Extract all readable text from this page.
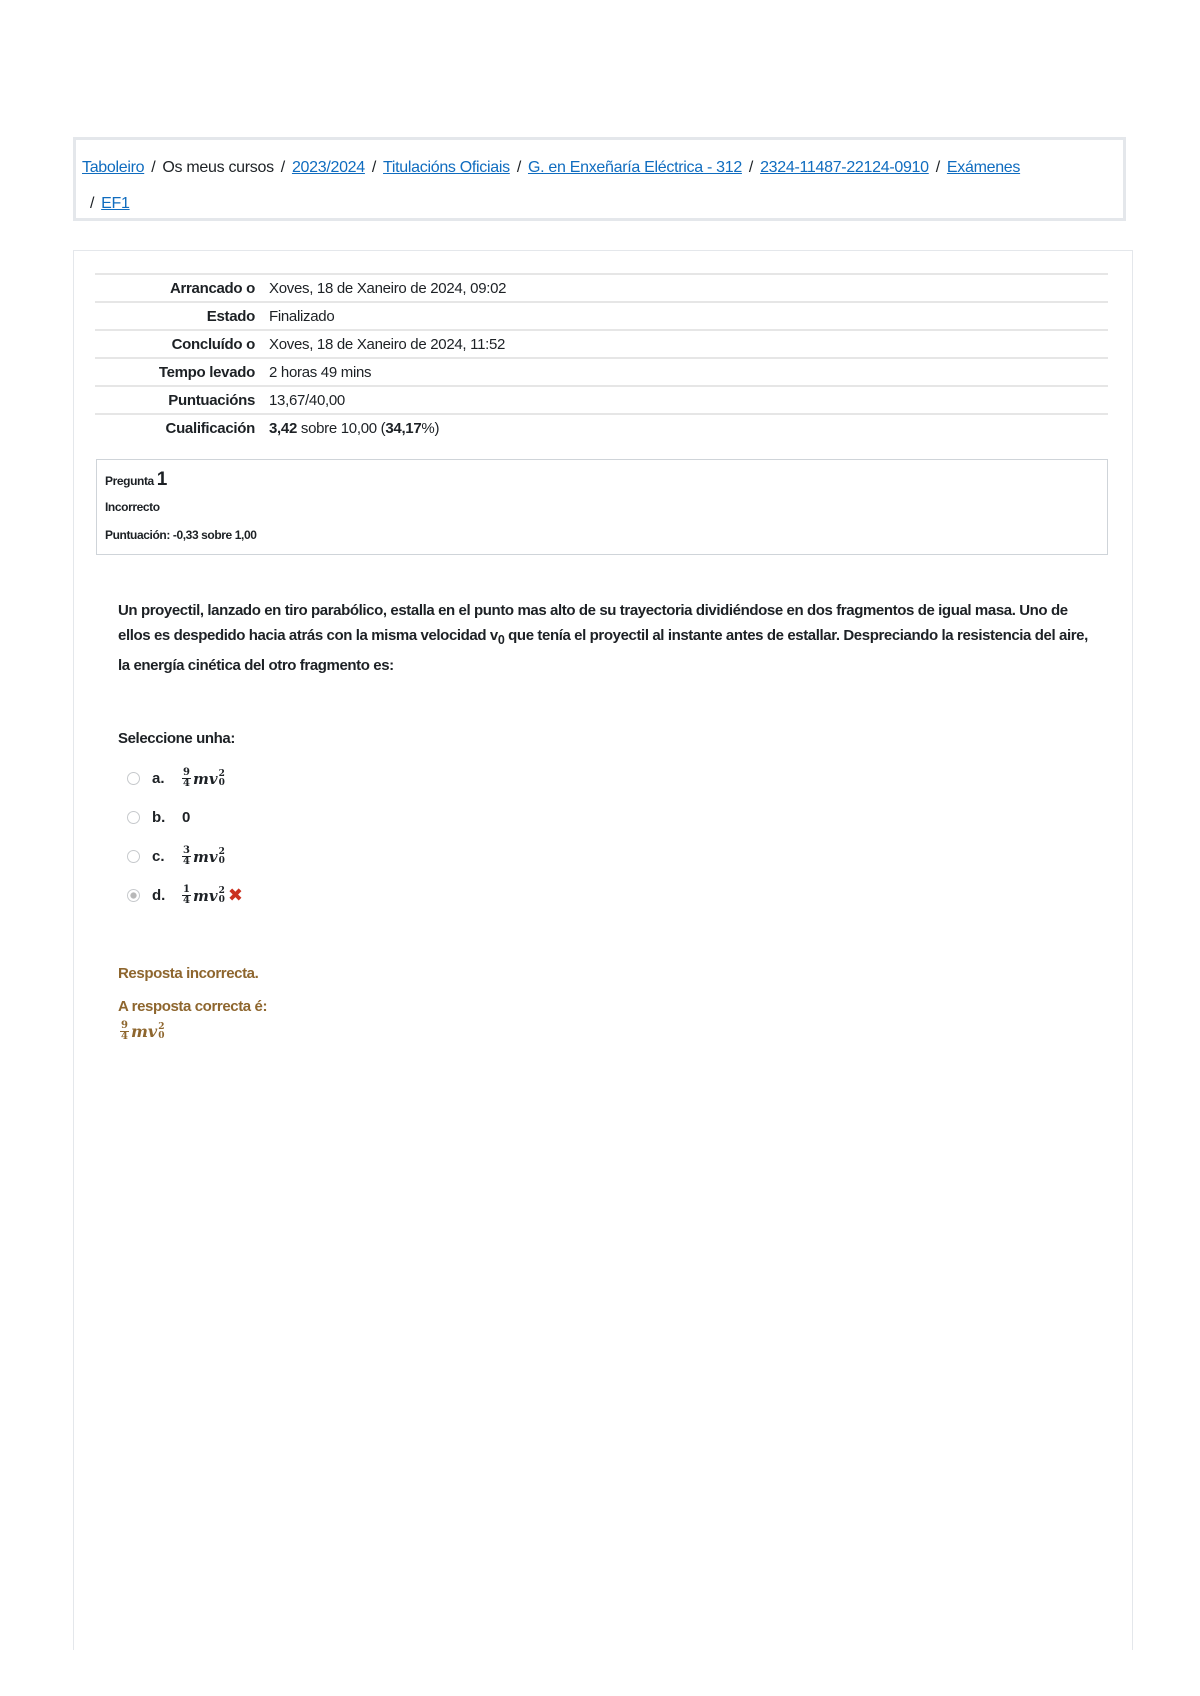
Taboleiro / Os meus cursos / 2023/2024 / Titulacións Oficiais / G. en Enxeñaría Eléctrica - 312 / 2324-11487-22124-0910 / Exámenes
/ EF1
Arrancado o	Xoves, 18 de Xaneiro de 2024, 09:02
Estado	Finalizado
Concluído o	Xoves, 18 de Xaneiro de 2024, 11:52
Tempo levado	2 horas 49 mins
Puntuacións	13,67/40,00
Cualificación	3,42 sobre 10,00 (34,17%)
Pregunta 1
Incorrecto
Puntuación: -0,33 sobre 1,00
Un proyectil, lanzado en tiro parabólico, estalla en el punto mas alto de su trayectoria dividiéndose en dos fragmentos de igual masa. Uno de ellos es despedido hacia atrás con la misma velocidad $v_0$ que tenía el proyectil al instante antes de estallar. Despreciando la resistencia del aire, la energía cinética del otro fragmento es:
Seleccione unha:
a.	$\frac{9}{4}$ mv 2
0
b.	0
c.	$\frac{3}{4}$ mv 2
0
d.	$\frac{1}{4}$ mv 2
0 ✖
Resposta incorrecta.
A resposta correcta é:
$\frac{9}{4}$ mv 2
0
